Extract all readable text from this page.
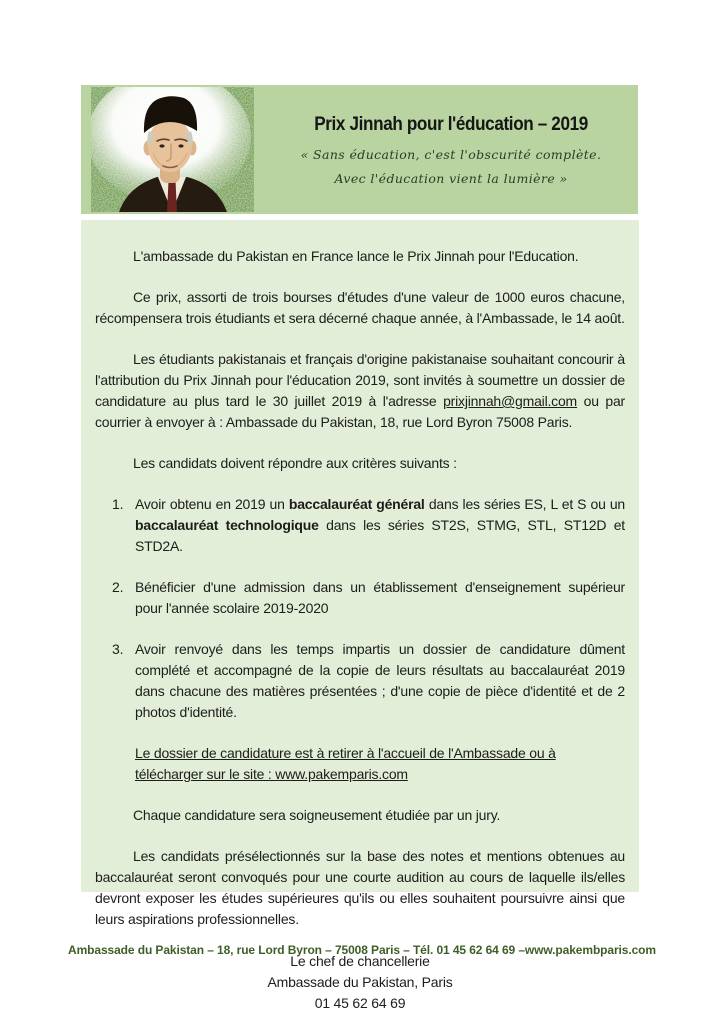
Prix Jinnah pour l'éducation – 2019
« Sans éducation, c'est l'obscurité complète.
Avec l'éducation vient la lumière »

L'ambassade du Pakistan en France lance le Prix Jinnah pour l'Education.

Ce prix, assorti de trois bourses d'études d'une valeur de 1000 euros chacune, récompensera trois étudiants et sera décerné chaque année, à l'Ambassade, le 14 août.

Les étudiants pakistanais et français d'origine pakistanaise souhaitant concourir à l'attribution du Prix Jinnah pour l'éducation 2019, sont invités à soumettre un dossier de candidature au plus tard le 30 juillet 2019 à l'adresse prixjinnah@gmail.com ou par courrier à envoyer à : Ambassade du Pakistan, 18, rue Lord Byron 75008 Paris.

Les candidats doivent répondre aux critères suivants :

1. Avoir obtenu en 2019 un baccalauréat général dans les séries ES, L et S ou un baccalauréat technologique dans les séries ST2S, STMG, STL, ST12D et STD2A.
2. Bénéficier d'une admission dans un établissement d'enseignement supérieur pour l'année scolaire 2019-2020
3. Avoir renvoyé dans les temps impartis un dossier de candidature dûment complété et accompagné de la copie de leurs résultats au baccalauréat 2019 dans chacune des matières présentées ; d'une copie de pièce d'identité et de 2 photos d'identité.

Le dossier de candidature est à retirer à l'accueil de l'Ambassade ou à télécharger sur le site : www.pakemparis.com

Chaque candidature sera soigneusement étudiée par un jury.

Les candidats présélectionnés sur la base des notes et mentions obtenues au baccalauréat seront convoqués pour une courte audition au cours de laquelle ils/elles devront exposer les études supérieures qu'ils ou elles souhaitent poursuivre ainsi que leurs aspirations professionnelles.

Le chef de chancellerie
Ambassade du Pakistan, Paris
01 45 62 64 69
Ambassade du Pakistan – 18, rue Lord Byron – 75008 Paris – Tél. 01 45 62 64 69 –www.pakembparis.com
